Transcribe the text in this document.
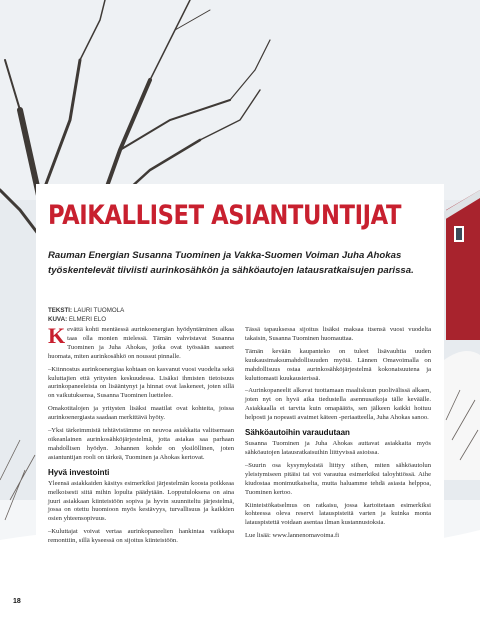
PAIKALLISET ASIANTUNTIJAT

Rauman Energian Susanna Tuominen ja Vakka-Suomen Voiman Juha Ahokas työskentelevät tiiviisti aurinkosähkön ja sähköautojen latausratkaisujen parissa.

TEKSTI: LAURI TUOMOLA
KUVA: ELMERI ELO

Kevättä kohti mentäessä aurinkoenergian hyödyntäminen alkaa taas olla monien mielessä. Tämän vahvistavat Susanna Tuominen ja Juha Ahokas, jotka ovat työssään saaneet huomata, miten aurinkosähkö on noussut pinnalle.

–Kiinnostus aurinkoenergiaa kohtaan on kasvanut vuosi vuodelta sekä kuluttajien että yritysten keskuudessa. Lisäksi ihmisten tietoisuus aurinkopaneeleista on lisääntynyt ja hinnat ovat laskeneet, joten sillä on vaikutuksensa, Susanna Tuominen luettelee.

Omakotitalojen ja yritysten lisäksi maatilat ovat kohteita, joissa aurinkoenergiasta saadaan merkittävä hyöty.

–Yksi tärkeimmistä tehtävistämme on neuvoa asiakkaita valitsemaan oikeanlainen aurinkosähköjärjestelmä, jotta asiakas saa parhaan mahdollisen hyödyn. Johannen kohde on yksilöllinen, joten asiantuntijan rooli on tärkeä, Tuominen ja Ahokas kertovat.

Hyvä investointi

Yleensä asiakkaiden käsitys esimerkiksi järjestelmän koosta poikkeaa melkoisesti siitä mihin lopulta päädytään. Lopputuloksena on aina juuri asiakkaan kiinteistöön sopiva ja hyvin suunniteltu järjestelmä, jossa on otettu huomioon myös kestävyys, turvallisuus ja kaikkien osien yhteensopivuus.

–Kuluttajat voivat vertaa aurinkopaneelien hankintaa vaikkapa remonttiin, sillä kyseessä on sijoitus kiinteistöön.

Tässä tapauksessa sijoitus lisäksi maksaa itsensä vuosi vuodelta takaisin, Susanna Tuominen huomauttaa.

Tämän kevään kaupanteko on tuleet lisävauhtia uuden kuukausimaksumahdollisuuden myötä. Lännen Omavoimalla on mahdollisuus ostaa aurinkosähköjärjestelmä kokonaisuutena ja kuluttomasti kuukausierissä.

–Aurinkopaneelit alkavat tuottamaan maaliskuun puolivälissä alkaen, joten nyt on hyvä aika tiedustella asennusaikoja tälle keväälle. Asiakkaalla ei tarvita kuin omapäätös, sen jälkeen kaikki hoituu helposti ja nopeasti avaimet käteen -periaatteella, Juha Ahokas sanoo.

Sähköautoihin varaudutaan

Susanna Tuominen ja Juha Ahokas auttavat asiakkaita myös sähköautojen latausratkaisuihin liittyvissä asioissa.

–Suurin osa kysymyksistä liittyy siihen, miten sähköautolun yleistymiseen pitäisi tai voi varautua esimerkiksi taloyhtiössä. Aihe kiudostaa monimutkaiselta, mutta haluamme tehdä asiasta helppoa, Tuominen kertoo.

Kiinteistökatselmus on ratkaisu, jossa kartoitetaan esimerkiksi kohteessa oleva reservi latauspisteitä varten ja kuinka monta latauspistettä voidaan asentaa ilman kustannustoksia.

Lue lisää: www.lannenomavoima.fi

18
